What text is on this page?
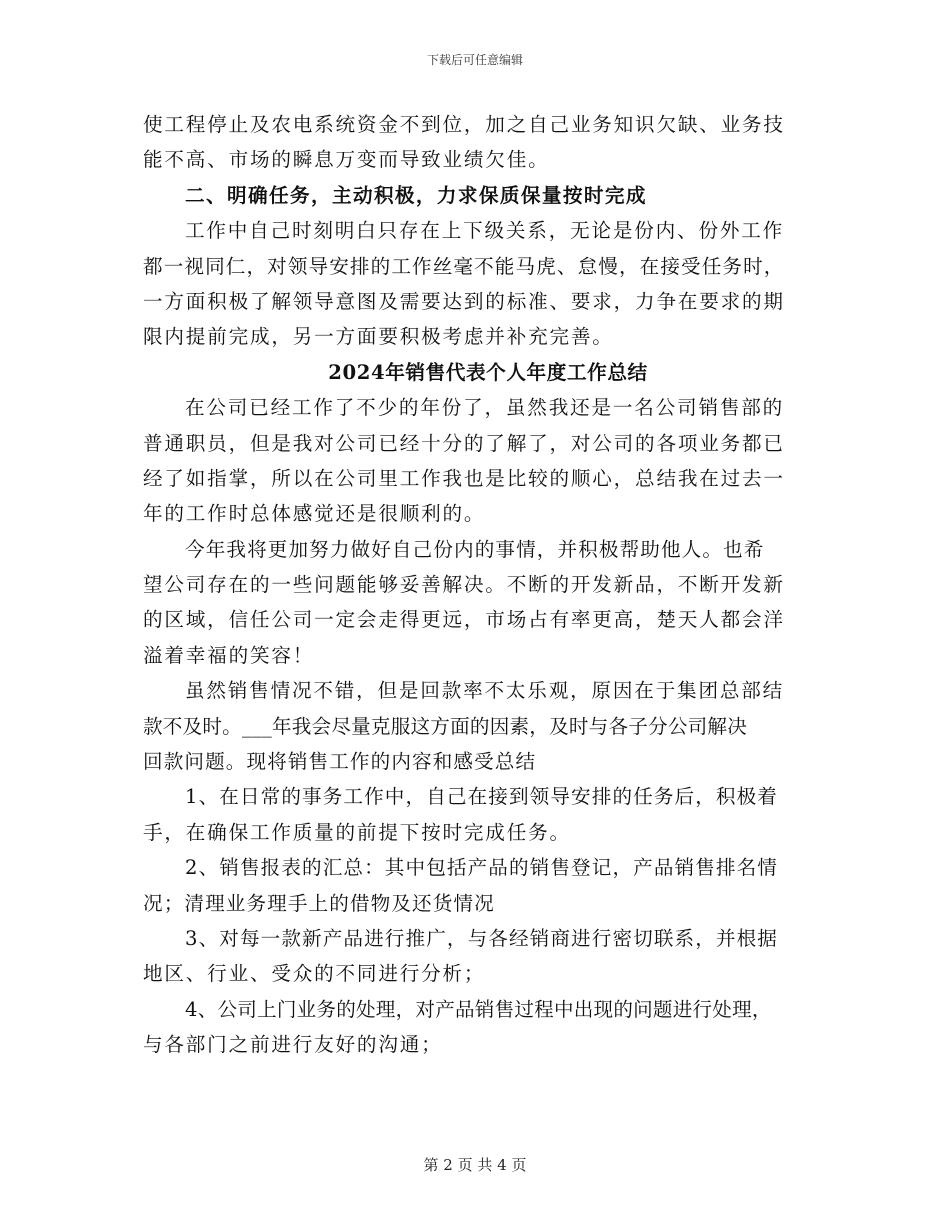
下载后可任意编辑
使工程停止及农电系统资金不到位，加之自己业务知识欠缺、业务技
能不高、市场的瞬息万变而导致业绩欠佳。
二、明确任务，主动积极，力求保质保量按时完成
工作中自己时刻明白只存在上下级关系，无论是份内、份外工作
都一视同仁，对领导安排的工作丝毫不能马虎、怠慢，在接受任务时，
一方面积极了解领导意图及需要达到的标准、要求，力争在要求的期
限内提前完成，另一方面要积极考虑并补充完善。
2024年销售代表个人年度工作总结
在公司已经工作了不少的年份了，虽然我还是一名公司销售部的
普通职员，但是我对公司已经十分的了解了，对公司的各项业务都已
经了如指掌，所以在公司里工作我也是比较的顺心，总结我在过去一
年的工作时总体感觉还是很顺利的。
今年我将更加努力做好自己份内的事情，并积极帮助他人。也希
望公司存在的一些问题能够妥善解决。不断的开发新品，不断开发新
的区域，信任公司一定会走得更远，市场占有率更高，楚天人都会洋
溢着幸福的笑容！
虽然销售情况不错，但是回款率不太乐观，原因在于集团总部结
款不及时。___年我会尽量克服这方面的因素，及时与各子分公司解决
回款问题。现将销售工作的内容和感受总结
1、在日常的事务工作中，自己在接到领导安排的任务后，积极着
手，在确保工作质量的前提下按时完成任务。
2、销售报表的汇总：其中包括产品的销售登记，产品销售排名情
况；清理业务理手上的借物及还货情况
3、对每一款新产品进行推广，与各经销商进行密切联系，并根据
地区、行业、受众的不同进行分析；
4、公司上门业务的处理，对产品销售过程中出现的问题进行处理，
与各部门之前进行友好的沟通；
第 2 页 共 4 页
